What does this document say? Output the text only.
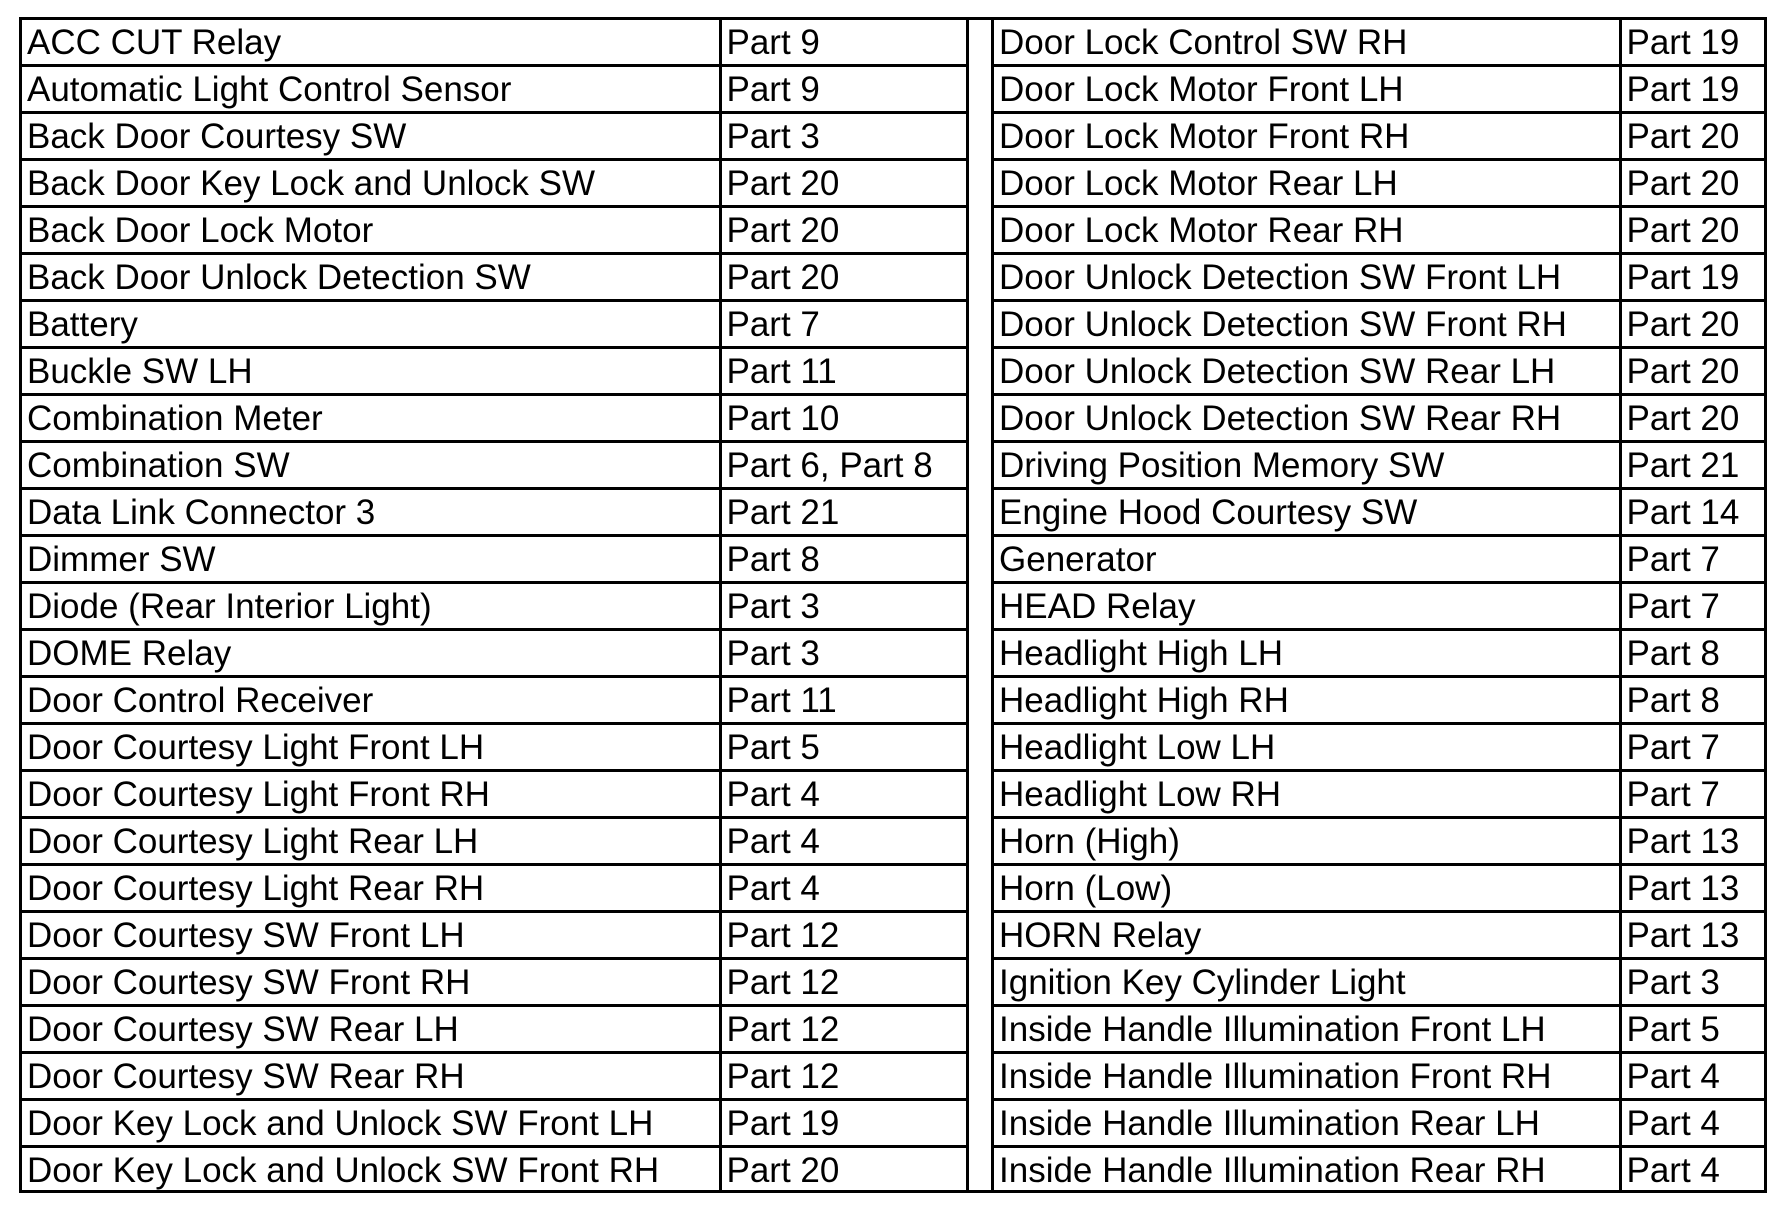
ACC CUT Relay	Part 9
Automatic Light Control Sensor	Part 9
Back Door Courtesy SW	Part 3
Back Door Key Lock and Unlock SW	Part 20
Back Door Lock Motor	Part 20
Back Door Unlock Detection SW	Part 20
Battery	Part 7
Buckle SW LH	Part 11
Combination Meter	Part 10
Combination SW	Part 6, Part 8
Data Link Connector 3	Part 21
Dimmer SW	Part 8
Diode (Rear Interior Light)	Part 3
DOME Relay	Part 3
Door Control Receiver	Part 11
Door Courtesy Light Front LH	Part 5
Door Courtesy Light Front RH	Part 4
Door Courtesy Light Rear LH	Part 4
Door Courtesy Light Rear RH	Part 4
Door Courtesy SW Front LH	Part 12
Door Courtesy SW Front RH	Part 12
Door Courtesy SW Rear LH	Part 12
Door Courtesy SW Rear RH	Part 12
Door Key Lock and Unlock SW Front LH	Part 19
Door Key Lock and Unlock SW Front RH	Part 20
Door Lock Control SW RH	Part 19
Door Lock Motor Front LH	Part 19
Door Lock Motor Front RH	Part 20
Door Lock Motor Rear LH	Part 20
Door Lock Motor Rear RH	Part 20
Door Unlock Detection SW Front LH	Part 19
Door Unlock Detection SW Front RH	Part 20
Door Unlock Detection SW Rear LH	Part 20
Door Unlock Detection SW Rear RH	Part 20
Driving Position Memory SW	Part 21
Engine Hood Courtesy SW	Part 14
Generator	Part 7
HEAD Relay	Part 7
Headlight High LH	Part 8
Headlight High RH	Part 8
Headlight Low LH	Part 7
Headlight Low RH	Part 7
Horn (High)	Part 13
Horn (Low)	Part 13
HORN Relay	Part 13
Ignition Key Cylinder Light	Part 3
Inside Handle Illumination Front LH	Part 5
Inside Handle Illumination Front RH	Part 4
Inside Handle Illumination Rear LH	Part 4
Inside Handle Illumination Rear RH	Part 4
